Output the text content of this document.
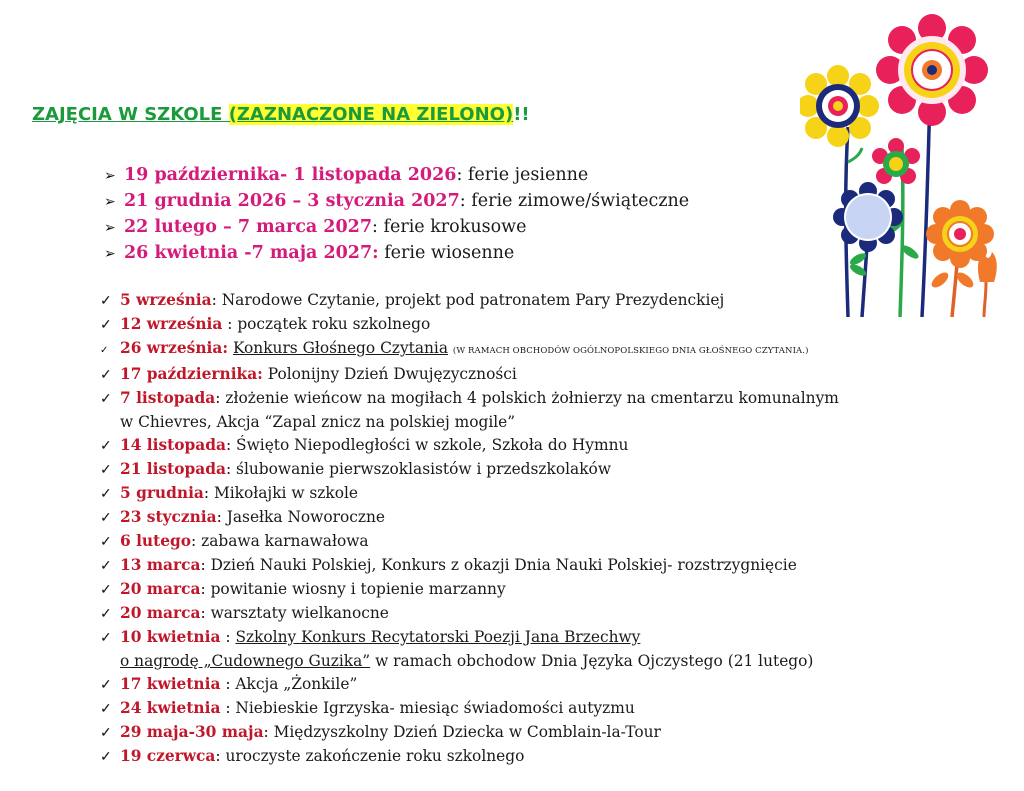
ZAJĘCIA W SZKOLE (ZAZNACZONE NA ZIELONO)!!
➢ 19 października- 1 listopada 2026: ferie jesienne
➢ 21 grudnia 2026 – 3 stycznia 2027: ferie zimowe/świąteczne
➢ 22 lutego – 7 marca 2027: ferie krokusowe
➢ 26 kwietnia -7 maja 2027: ferie wiosenne
✓ 5 września: Narodowe Czytanie, projekt pod patronatem Pary Prezydenckiej
✓ 12 września : początek roku szkolnego
✓ 26 września: Konkurs Głośnego Czytania (W RAMACH OBCHODÓW OGÓLNOPOLSKIEGO DNIA GŁOŚNEGO CZYTANIA.)
✓ 17 października: Polonijny Dzień Dwujęzyczności
✓ 7 listopada: złożenie wieńcow na mogiłach 4 polskich żołnierzy na cmentarzu komunalnym
w Chievres, Akcja “Zapal znicz na polskiej mogile”
✓ 14 listopada: Święto Niepodległości w szkole, Szkoła do Hymnu
✓ 21 listopada: ślubowanie pierwszoklasistów i przedszkolaków
✓ 5 grudnia: Mikołajki w szkole
✓ 23 stycznia: Jasełka Noworoczne
✓ 6 lutego: zabawa karnawałowa
✓ 13 marca: Dzień Nauki Polskiej, Konkurs z okazji Dnia Nauki Polskiej- rozstrzygnięcie
✓ 20 marca: powitanie wiosny i topienie marzanny
✓ 20 marca: warsztaty wielkanocne
✓ 10 kwietnia : Szkolny Konkurs Recytatorski Poezji Jana Brzechwy
o nagrodę „Cudownego Guzika” w ramach obchodow Dnia Języka Ojczystego (21 lutego)
✓ 17 kwietnia : Akcja „Żonkile”
✓ 24 kwietnia : Niebieskie Igrzyska- miesiąc świadomości autyzmu
✓ 29 maja-30 maja: Międzyszkolny Dzień Dziecka w Comblain-la-Tour
✓ 19 czerwca: uroczyste zakończenie roku szkolnego
